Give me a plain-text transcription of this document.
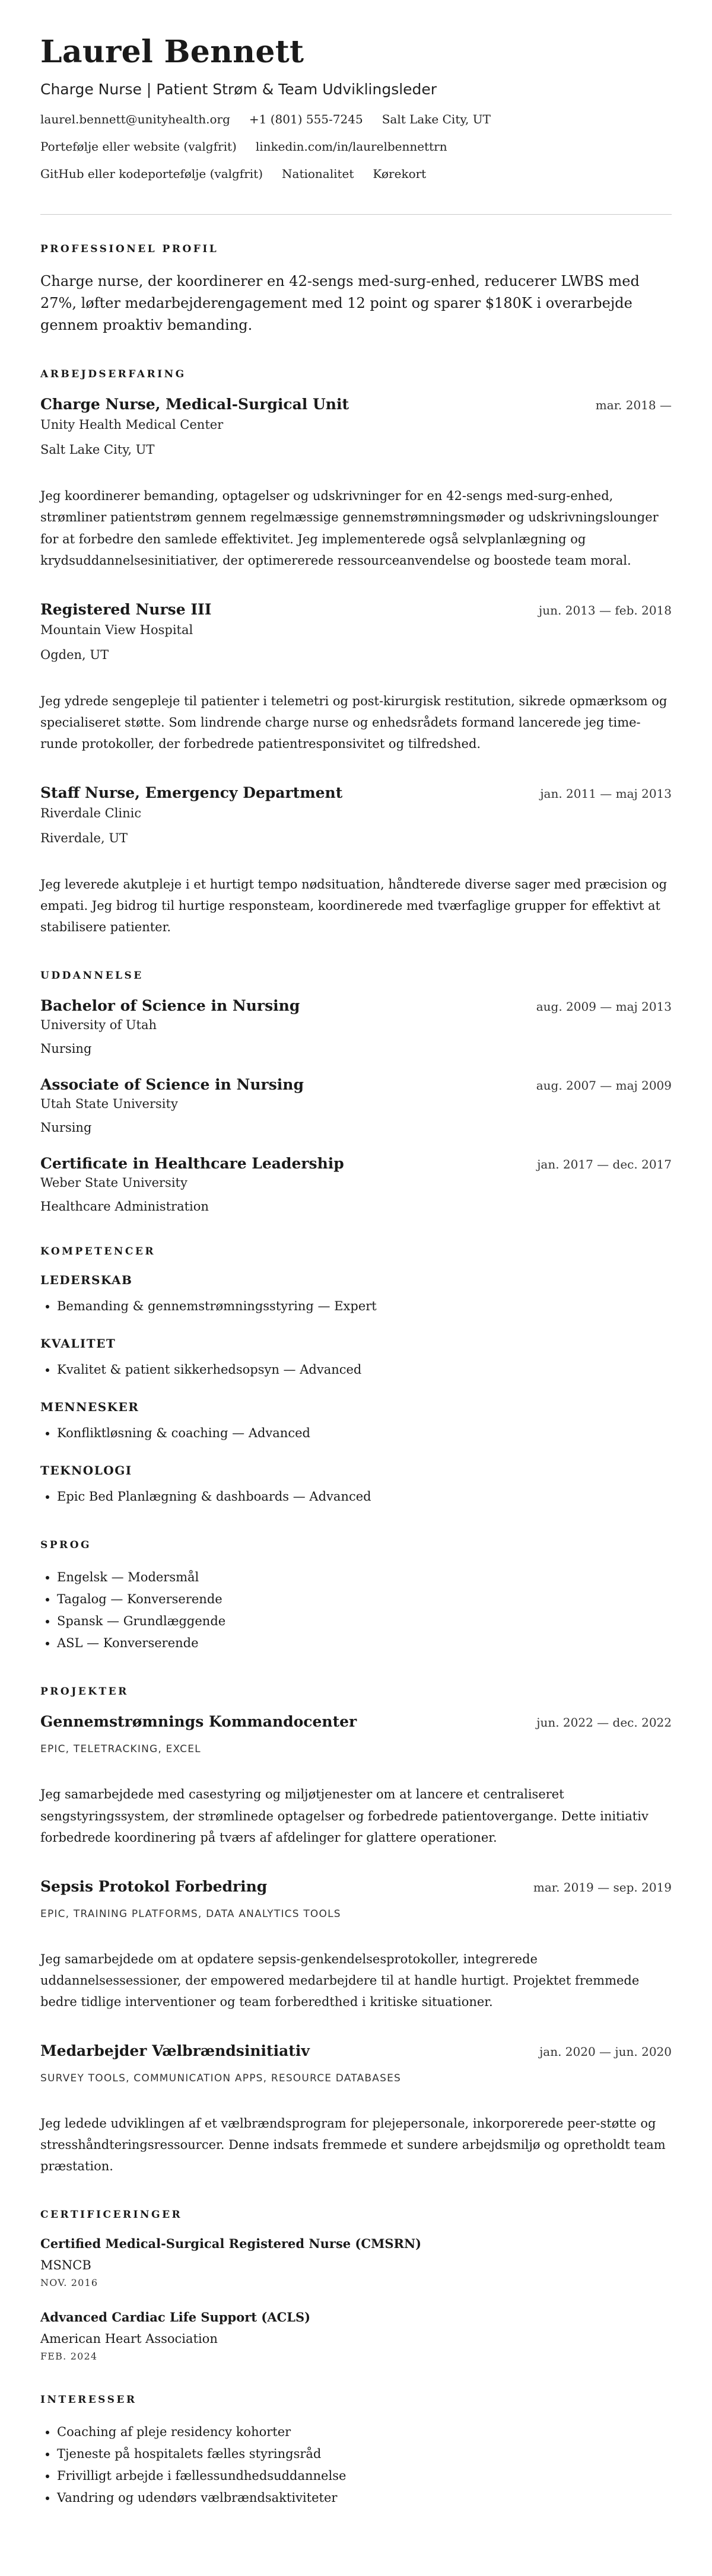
Laurel Bennett
Charge Nurse | Patient Strøm & Team Udviklingsleder
laurel.bennett@unityhealth.org +1 (801) 555-7245 Salt Lake City, UT
Portefølje eller website (valgfrit) linkedin.com/in/laurelbennettrn
GitHub eller kodeportefølje (valgfrit) Nationalitet Kørekort
PROFESSIONEL PROFIL

Charge nurse, der koordinerer en 42-sengs med-surg-enhed, reducerer LWBS med 27%, løfter medarbejderengagement med 12 point og sparer $180K i overarbejde gennem proaktiv bemanding.

ARBEJDSERFARING
Charge Nurse, Medical-Surgical Unit	mar. 2018 —
Unity Health Medical Center
Salt Lake City, UT
Jeg koordinerer bemanding, optagelser og udskrivninger for en 42-sengs med-surg-enhed, strømliner patientstrøm gennem regelmæssige gennemstrømningsmøder og udskrivningslounger for at forbedre den samlede effektivitet. Jeg implementerede også selvplanlægning og krydsuddannelsesinitiativer, der optimererede ressourceanvendelse og boostede team moral.
Registered Nurse III	jun. 2013 — feb. 2018
Mountain View Hospital
Ogden, UT
Jeg ydrede sengepleje til patienter i telemetri og post-kirurgisk restitution, sikrede opmærksom og specialiseret støtte. Som lindrende charge nurse og enhedsrådets formand lancerede jeg time-runde protokoller, der forbedrede patientresponsivitet og tilfredshed.
Staff Nurse, Emergency Department	jan. 2011 — maj 2013
Riverdale Clinic
Riverdale, UT
Jeg leverede akutpleje i et hurtigt tempo nødsituation, håndterede diverse sager med præcision og empati. Jeg bidrog til hurtige responsteam, koordinerede med tværfaglige grupper for effektivt at stabilisere patienter.
UDDANNELSE
Bachelor of Science in Nursing	aug. 2009 — maj 2013
University of Utah
Nursing
Associate of Science in Nursing	aug. 2007 — maj 2009
Utah State University
Nursing
Certificate in Healthcare Leadership	jan. 2017 — dec. 2017
Weber State University
Healthcare Administration
KOMPETENCER
LEDERSKAB
• Bemanding & gennemstrømningsstyring — Expert
KVALITET
• Kvalitet & patient sikkerhedsopsyn — Advanced
MENNESKER
• Konfliktløsning & coaching — Advanced
TEKNOLOGI
• Epic Bed Planlægning & dashboards — Advanced
SPROG
• Engelsk — Modersmål
• Tagalog — Konverserende
• Spansk — Grundlæggende
• ASL — Konverserende
PROJEKTER
Gennemstrømnings Kommandocenter	jun. 2022 — dec. 2022
EPIC, TELETRACKING, EXCEL
Jeg samarbejdede med casestyring og miljøtjenester om at lancere et centraliseret sengstyringssystem, der strømlinede optagelser og forbedrede patientovergange. Dette initiativ forbedrede koordinering på tværs af afdelinger for glattere operationer.
Sepsis Protokol Forbedring	mar. 2019 — sep. 2019
EPIC, TRAINING PLATFORMS, DATA ANALYTICS TOOLS
Jeg samarbejdede om at opdatere sepsis-genkendelsesprotokoller, integrerede uddannelsessessioner, der empowered medarbejdere til at handle hurtigt. Projektet fremmede bedre tidlige interventioner og team forberedthed i kritiske situationer.
Medarbejder Vælbrændsinitiativ	jan. 2020 — jun. 2020
SURVEY TOOLS, COMMUNICATION APPS, RESOURCE DATABASES
Jeg ledede udviklingen af et vælbrændsprogram for plejepersonale, inkorporerede peer-støtte og stresshåndteringsressourcer. Denne indsats fremmede et sundere arbejdsmiljø og opretholdt team præstation.
CERTIFICERINGER
Certified Medical-Surgical Registered Nurse (CMSRN)
MSNCB
NOV. 2016
Advanced Cardiac Life Support (ACLS)
American Heart Association
FEB. 2024
INTERESSER
• Coaching af pleje residency kohorter
• Tjeneste på hospitalets fælles styringsråd
• Frivilligt arbejde i fællessundhedsuddannelse
• Vandring og udendørs vælbrændsaktiviteter
